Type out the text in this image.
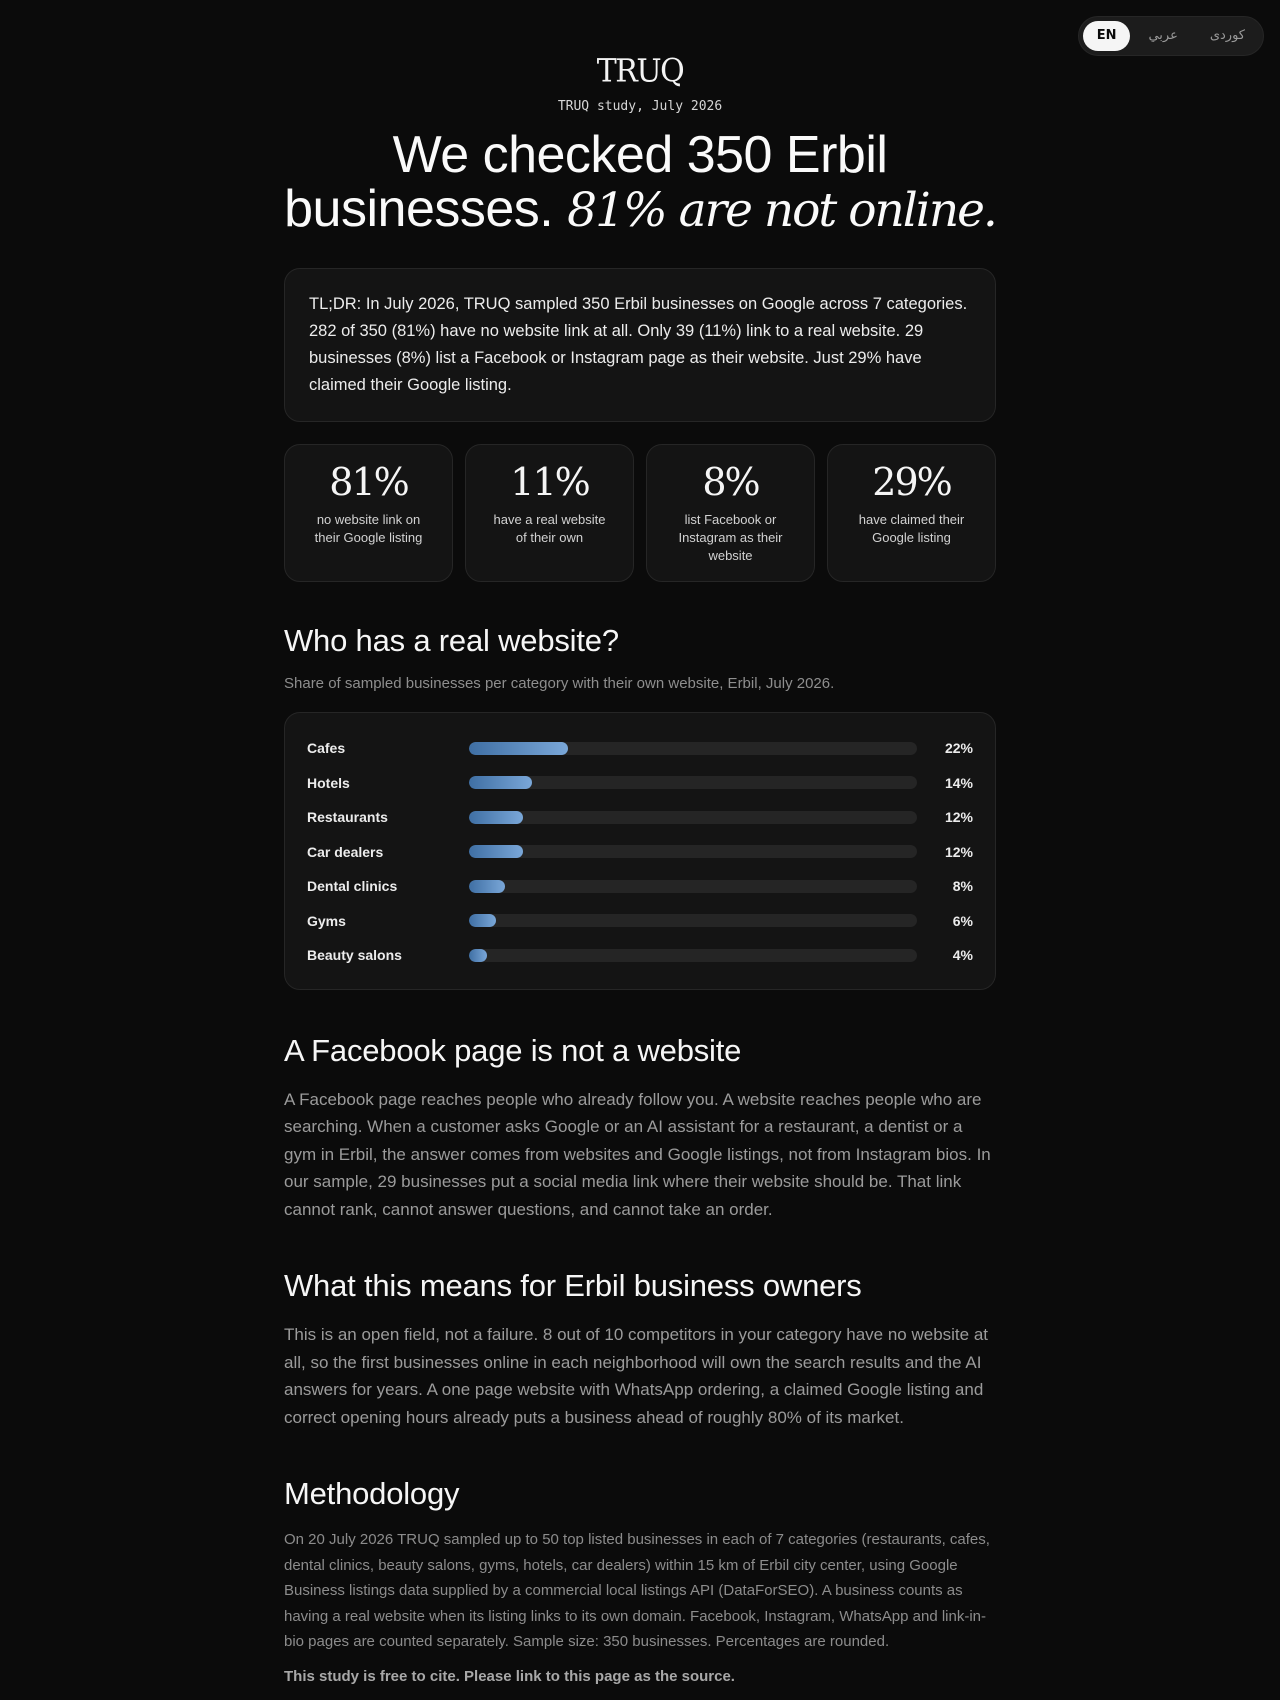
EN	عربي	کوردی
TRUQ
TRUQ study, July 2026
We checked 350 Erbil
businesses. 81% are not online.
TL;DR: In July 2026, TRUQ sampled 350 Erbil businesses on Google across 7 categories. 282 of 350 (81%) have no website link at all. Only 39 (11%) link to a real website. 29 businesses (8%) list a Facebook or Instagram page as their website. Just 29% have claimed their Google listing.
81%
no website link on their Google listing
11%
have a real website of their own
8%
list Facebook or Instagram as their website
29%
have claimed their Google listing
Who has a real website?

Share of sampled businesses per category with their own website, Erbil, July 2026.

Cafes	22%
Hotels	14%
Restaurants	12%
Car dealers	12%
Dental clinics	8%
Gyms	6%
Beauty salons	4%
A Facebook page is not a website

A Facebook page reaches people who already follow you. A website reaches people who are searching. When a customer asks Google or an AI assistant for a restaurant, a dentist or a gym in Erbil, the answer comes from websites and Google listings, not from Instagram bios. In our sample, 29 businesses put a social media link where their website should be. That link cannot rank, cannot answer questions, and cannot take an order.

What this means for Erbil business owners

This is an open field, not a failure. 8 out of 10 competitors in your category have no website at all, so the first businesses online in each neighborhood will own the search results and the AI answers for years. A one page website with WhatsApp ordering, a claimed Google listing and correct opening hours already puts a business ahead of roughly 80% of its market.

Methodology

On 20 July 2026 TRUQ sampled up to 50 top listed businesses in each of 7 categories (restaurants, cafes, dental clinics, beauty salons, gyms, hotels, car dealers) within 15 km of Erbil city center, using Google Business listings data supplied by a commercial local listings API (DataForSEO). A business counts as having a real website when its listing links to its own domain. Facebook, Instagram, WhatsApp and link-in-bio pages are counted separately. Sample size: 350 businesses. Percentages are rounded.

This study is free to cite. Please link to this page as the source.
